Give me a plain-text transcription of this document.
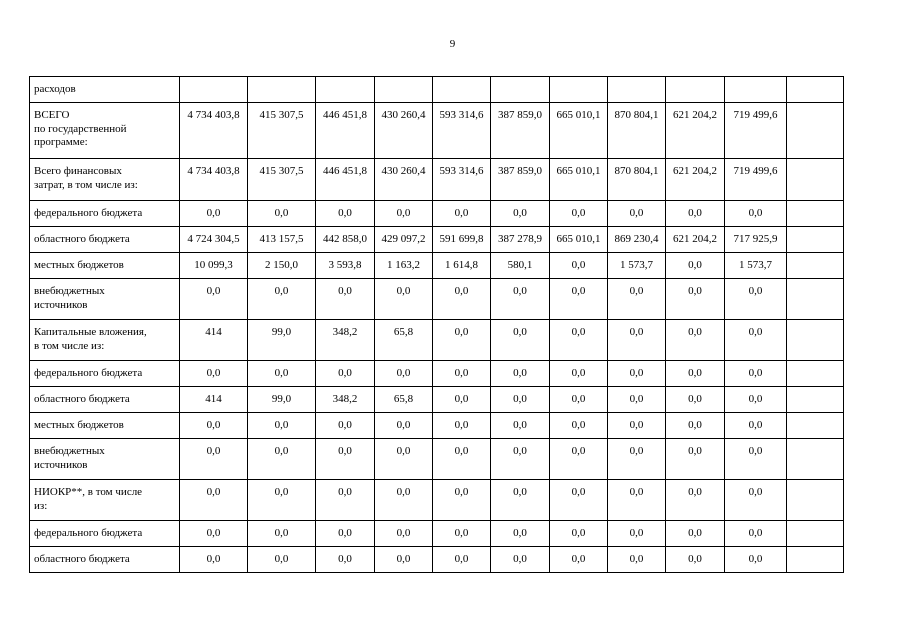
9
расходов											
ВСЕГО
по государственной
программе:	4 734 403,8	415 307,5	446 451,8	430 260,4	593 314,6	387 859,0	665 010,1	870 804,1	621 204,2	719 499,6	
Всего финансовых
затрат, в том числе из:	4 734 403,8	415 307,5	446 451,8	430 260,4	593 314,6	387 859,0	665 010,1	870 804,1	621 204,2	719 499,6	
федерального бюджета	0,0	0,0	0,0	0,0	0,0	0,0	0,0	0,0	0,0	0,0	
областного бюджета	4 724 304,5	413 157,5	442 858,0	429 097,2	591 699,8	387 278,9	665 010,1	869 230,4	621 204,2	717 925,9	
местных бюджетов	10 099,3	2 150,0	3 593,8	1 163,2	1 614,8	580,1	0,0	1 573,7	0,0	1 573,7	
внебюджетных
источников	0,0	0,0	0,0	0,0	0,0	0,0	0,0	0,0	0,0	0,0	
Капитальные вложения,
в том числе из:	414	99,0	348,2	65,8	0,0	0,0	0,0	0,0	0,0	0,0	
федерального бюджета	0,0	0,0	0,0	0,0	0,0	0,0	0,0	0,0	0,0	0,0	
областного бюджета	414	99,0	348,2	65,8	0,0	0,0	0,0	0,0	0,0	0,0	
местных бюджетов	0,0	0,0	0,0	0,0	0,0	0,0	0,0	0,0	0,0	0,0	
внебюджетных
источников	0,0	0,0	0,0	0,0	0,0	0,0	0,0	0,0	0,0	0,0	
НИОКР**, в том числе
из:	0,0	0,0	0,0	0,0	0,0	0,0	0,0	0,0	0,0	0,0	
федерального бюджета	0,0	0,0	0,0	0,0	0,0	0,0	0,0	0,0	0,0	0,0	
областного бюджета	0,0	0,0	0,0	0,0	0,0	0,0	0,0	0,0	0,0	0,0	
